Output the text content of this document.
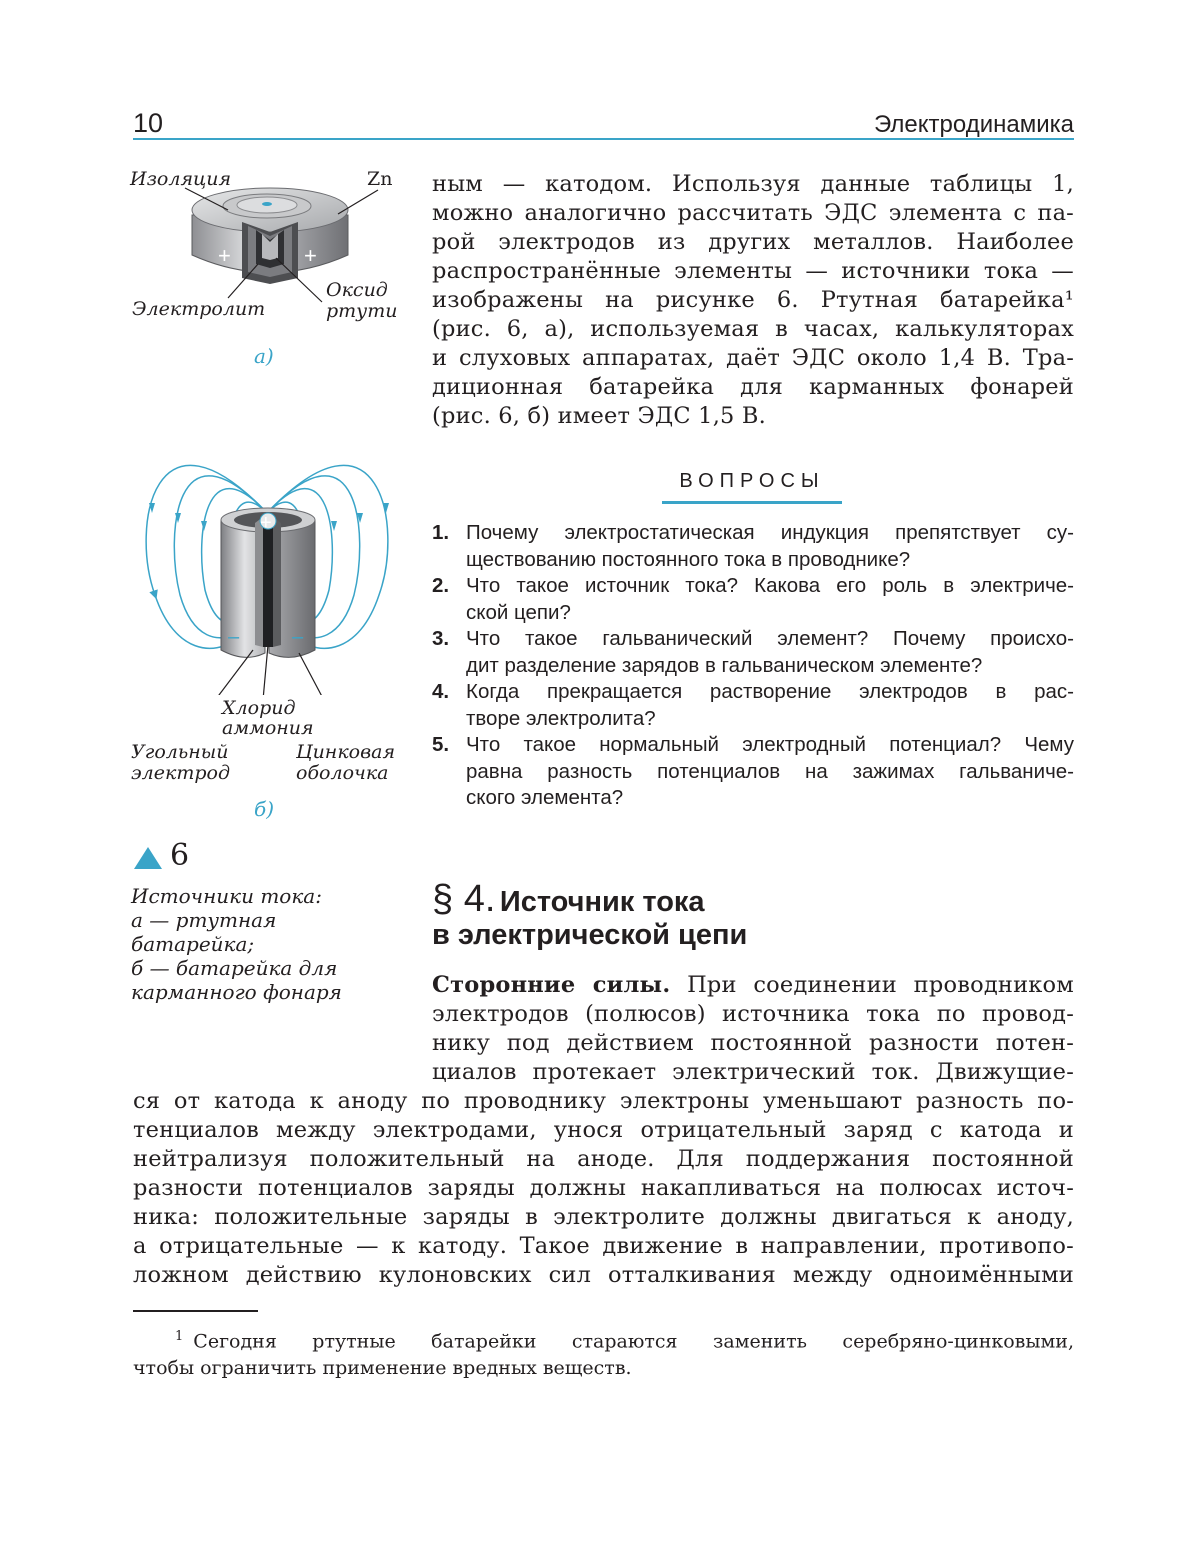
10	Электродинамика
+	+
Изоляция	Zn
Электролит
Оксид
ртути
а)
+
–	–
Хлорид
аммония
Угольный
электрод
Цинковая
оболочка
б)
6
Источники тока:
а — ртутная
батарейка;
б — батарейка для
карманного фонаря
ным — катодом. Используя данные таблицы 1,
можно аналогично рассчитать ЭДС элемента с па-
рой электродов из других металлов. Наиболее
распространённые элементы — источники тока —
изображены на рисунке 6. Ртутная батарейка¹
(рис. 6, а), используемая в часах, калькуляторах
и слуховых аппаратах, даёт ЭДС около 1,4 В. Тра-
диционная батарейка для карманных фонарей
(рис. 6, б) имеет ЭДС 1,5 В.
ВОПРОСЫ
1. Почему электростатическая индукция препятствует су-
ществованию постоянного тока в проводнике?
2. Что такое источник тока? Какова его роль в электриче-
ской цепи?
3. Что такое гальванический элемент? Почему происхо-
дит разделение зарядов в гальваническом элементе?
4. Когда прекращается растворение электродов в рас-
творе электролита?
5. Что такое нормальный электродный потенциал? Чему
равна разность потенциалов на зажимах гальваниче-
ского элемента?
§ 4. Источник тока
в электрической цепи
Сторонние силы. При соединении проводником
электродов (полюсов) источника тока по провод-
нику под действием постоянной разности потен-
циалов протекает электрический ток. Движущие-
ся от катода к аноду по проводнику электроны уменьшают разность по-
тенциалов между электродами, унося отрицательный заряд с катода и
нейтрализуя положительный на аноде. Для поддержания постоянной
разности потенциалов заряды должны накапливаться на полюсах источ-
ника: положительные заряды в электролите должны двигаться к аноду,
а отрицательные — к катоду. Такое движение в направлении, противопо-
ложном действию кулоновских сил отталкивания между одноимёнными
$^1$ Сегодня ртутные батарейки стараются заменить серебряно-цинковыми,
чтобы ограничить применение вредных веществ.
